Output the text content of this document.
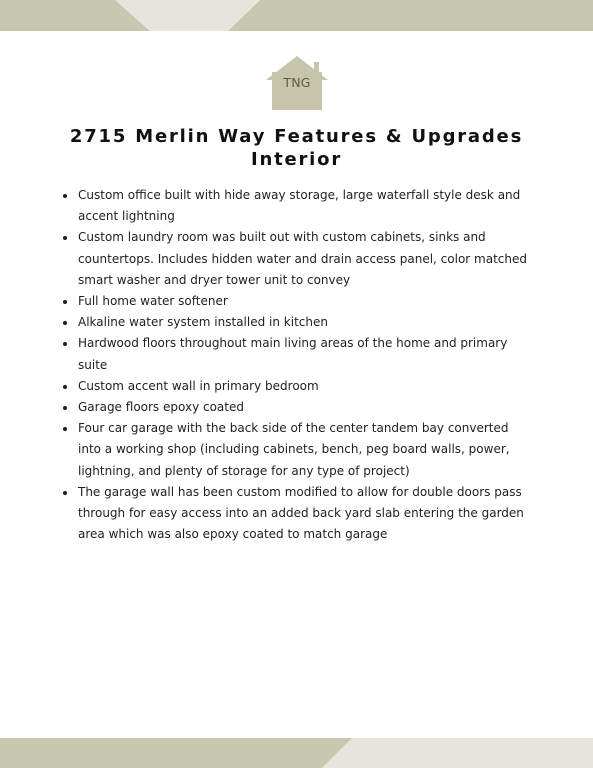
TNG
2715 Merlin Way Features & Upgrades
Interior
Custom office built with hide away storage, large waterfall style desk and accent lightning
Custom laundry room was built out with custom cabinets, sinks and countertops. Includes hidden water and drain access panel, color matched smart washer and dryer tower unit to convey
Full home water softener
Alkaline water system installed in kitchen
Hardwood floors throughout main living areas of the home and primary suite
Custom accent wall in primary bedroom
Garage floors epoxy coated
Four car garage with the back side of the center tandem bay converted into a working shop (including cabinets, bench, peg board walls, power, lightning, and plenty of storage for any type of project)
The garage wall has been custom modified to allow for double doors pass through for easy access into an added back yard slab entering the garden area which was also epoxy coated to match garage
